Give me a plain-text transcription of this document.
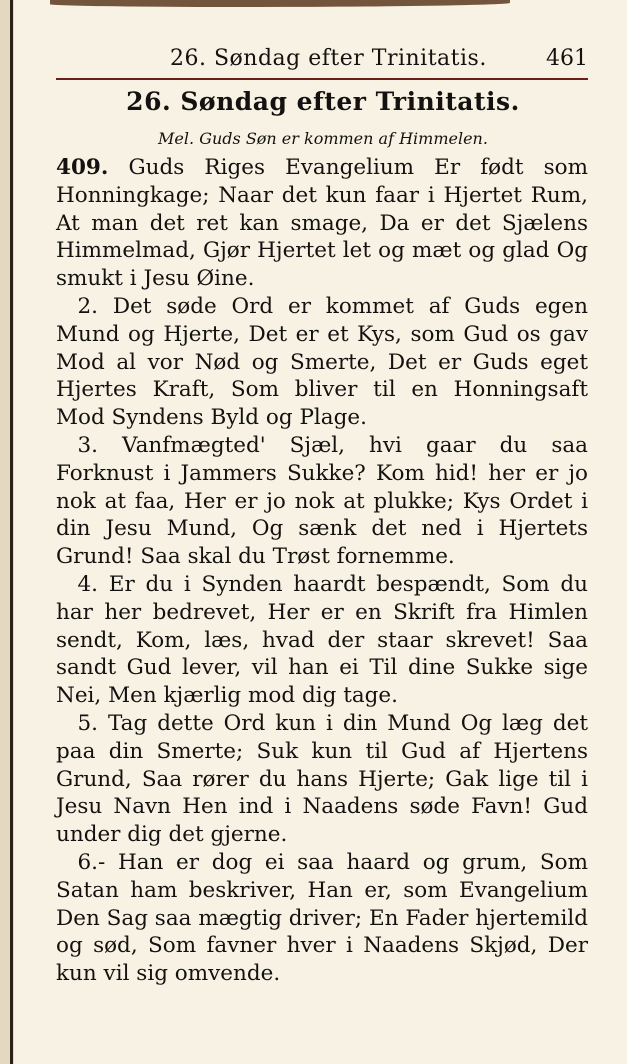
26. Søndag efter Trinitatis.	461
26. Søndag efter Trinitatis.
Mel. Guds Søn er kommen af Himmelen.
409. Guds Riges Evangelium Er født som Honningkage; Naar det kun faar i Hjertet Rum, At man det ret kan smage, Da er det Sjælens Himmelmad, Gjør Hjertet let og mæt og glad Og smukt i Jesu Øine.
 2. Det søde Ord er kommet af Guds egen Mund og Hjerte, Det er et Kys, som Gud os gav Mod al vor Nød og Smerte, Det er Guds eget Hjertes Kraft, Som bliver til en Honningsaft Mod Syndens Byld og Plage.
 3. Vanfmægted' Sjæl, hvi gaar du saa Forknust i Jammers Sukke? Kom hid! her er jo nok at faa, Her er jo nok at plukke; Kys Ordet i din Jesu Mund, Og sænk det ned i Hjertets Grund! Saa skal du Trøst fornemme.
 4. Er du i Synden haardt bespændt, Som du har her bedrevet, Her er en Skrift fra Himlen sendt, Kom, læs, hvad der staar skrevet! Saa sandt Gud lever, vil han ei Til dine Sukke sige Nei, Men kjærlig mod dig tage.
 5. Tag dette Ord kun i din Mund Og læg det paa din Smerte; Suk kun til Gud af Hjertens Grund, Saa rører du hans Hjerte; Gak lige til i Jesu Navn Hen ind i Naadens søde Favn! Gud under dig det gjerne.
 6.- Han er dog ei saa haard og grum, Som Satan ham beskriver, Han er, som Evangelium Den Sag saa mægtig driver; En Fader hjertemild og sød, Som favner hver i Naadens Skjød, Der kun vil sig omvende.
